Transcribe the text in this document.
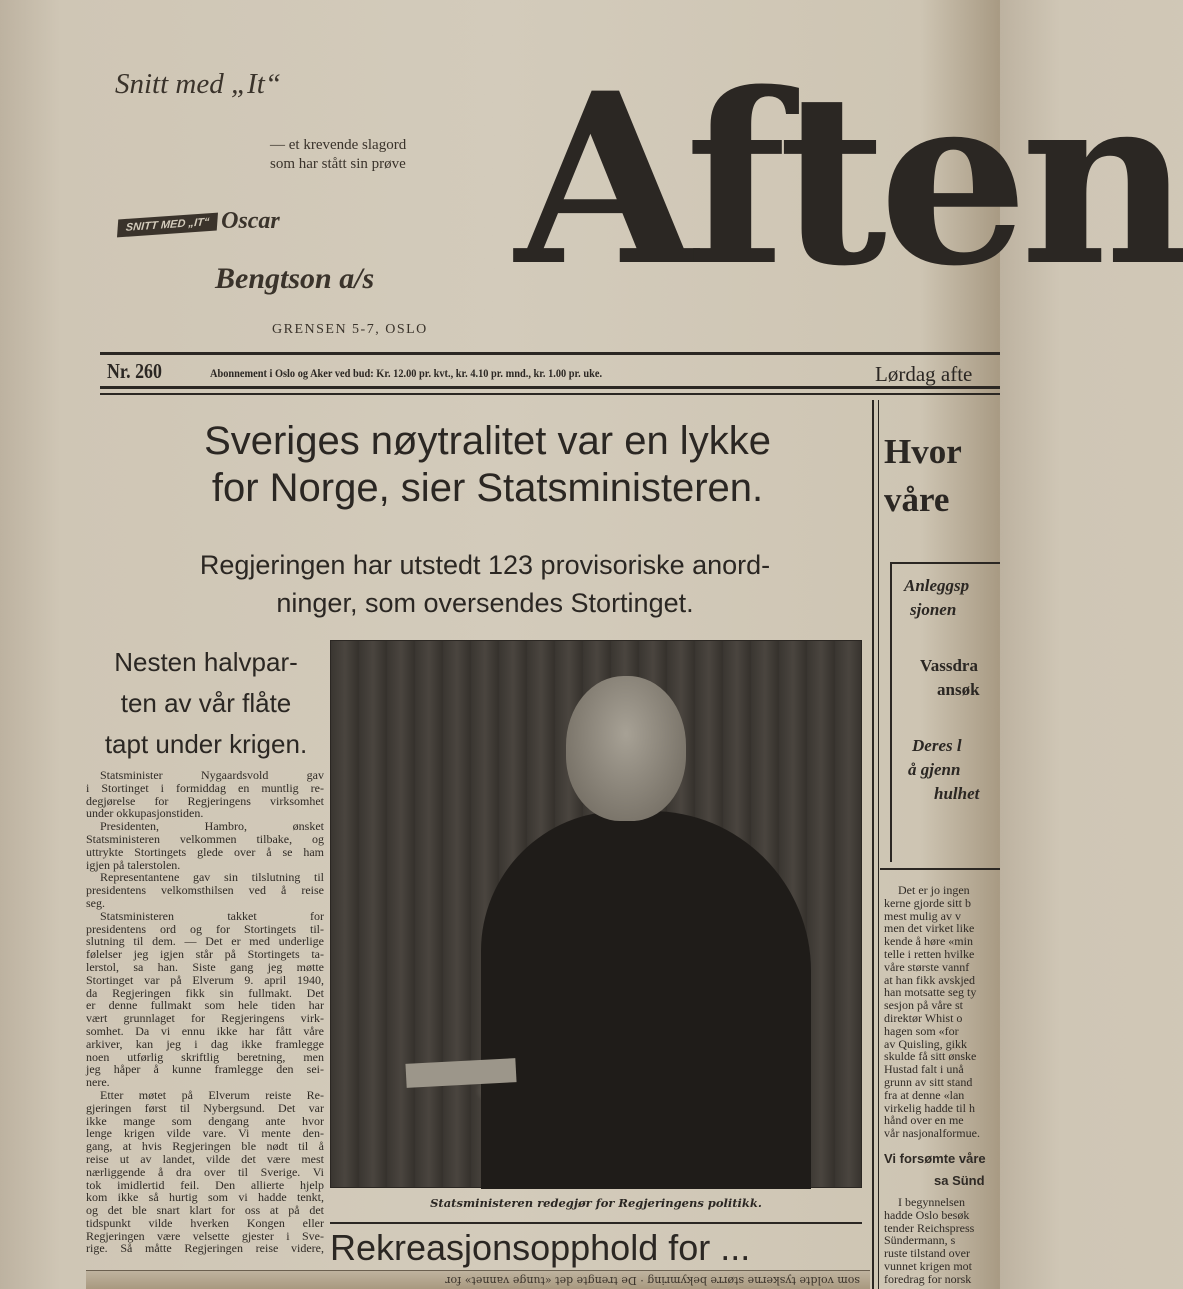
Snitt med „It“
— et krevende slagord
som har stått sin prøve
SNITT MED „IT“ Oscar
Bengtson a/s
GRENSEN 5-7, OSLO
Aften
Nr. 260	Abonnement i Oslo og Aker ved bud: Kr. 12.00 pr. kvt., kr. 4.10 pr. mnd., kr. 1.00 pr. uke.	Lørdag afte
Sveriges nøytralitet var en lykke
for Norge, sier Statsministeren.
Regjeringen har utstedt 123 provisoriske anord-
ninger, som oversendes Stortinget.
Nesten halvpar-
ten av vår flåte
tapt under krigen.
Statsminister Nygaardsvold gav
i Stortinget i formiddag en muntlig re-
degjørelse for Regjeringens virksomhet
under okkupasjonstiden.
Presidenten, Hambro, ønsket
Statsministeren velkommen tilbake, og
uttrykte Stortingets glede over å se ham
igjen på talerstolen.
Representantene gav sin tilslutning til
presidentens velkomsthilsen ved å reise
seg.
Statsministeren takket for
presidentens ord og for Stortingets til-
slutning til dem. — Det er med underlige
følelser jeg igjen står på Stortingets ta-
lerstol, sa han. Siste gang jeg møtte
Stortinget var på Elverum 9. april 1940,
da Regjeringen fikk sin fullmakt. Det
er denne fullmakt som hele tiden har
vært grunnlaget for Regjeringens virk-
somhet. Da vi ennu ikke har fått våre
arkiver, kan jeg i dag ikke framlegge
noen utførlig skriftlig beretning, men
jeg håper å kunne framlegge den sei-
nere.
Etter møtet på Elverum reiste Re-
gjeringen først til Nybergsund. Det var
ikke mange som dengang ante hvor
lenge krigen vilde vare. Vi mente den-
gang, at hvis Regjeringen ble nødt til å
reise ut av landet, vilde det være mest
nærliggende å dra over til Sverige. Vi
tok imidlertid feil. Den allierte hjelp
kom ikke så hurtig som vi hadde tenkt,
og det ble snart klart for oss at på det
tidspunkt vilde hverken Kongen eller
Regjeringen være velsette gjester i Sve-
rige. Så måtte Regjeringen reise videre,
Statsministeren redegjør for Regjeringens politikk.
Hvor
våre
Anleggsp
sjonen
Vassdra
ansøk
Deres l
å gjenn
hulhet
Det er jo ingen
kerne gjorde sitt b
mest mulig av v
men det virket like
kende å høre «min
telle i retten hvilke
våre største vannf
at han fikk avskjed
han motsatte seg ty
sesjon på våre st
direktør Whist o
hagen som «for
av Quisling, gikk
skulde få sitt ønske
Hustad falt i unå
grunn av sitt stand
fra at denne «lan
virkelig hadde til h
hånd over en me
vår nasjonalformue.
Vi forsømte våre
sa Sünd
I begynnelsen
hadde Oslo besøk
tender Reichspress
Sündermann, s
ruste tilstand over
vunnet krigen mot
foredrag for norsk
Rekreasjonsopphold for ...
som voldte tyskerne større bekymring · De trengte det «tunge vannet» for
